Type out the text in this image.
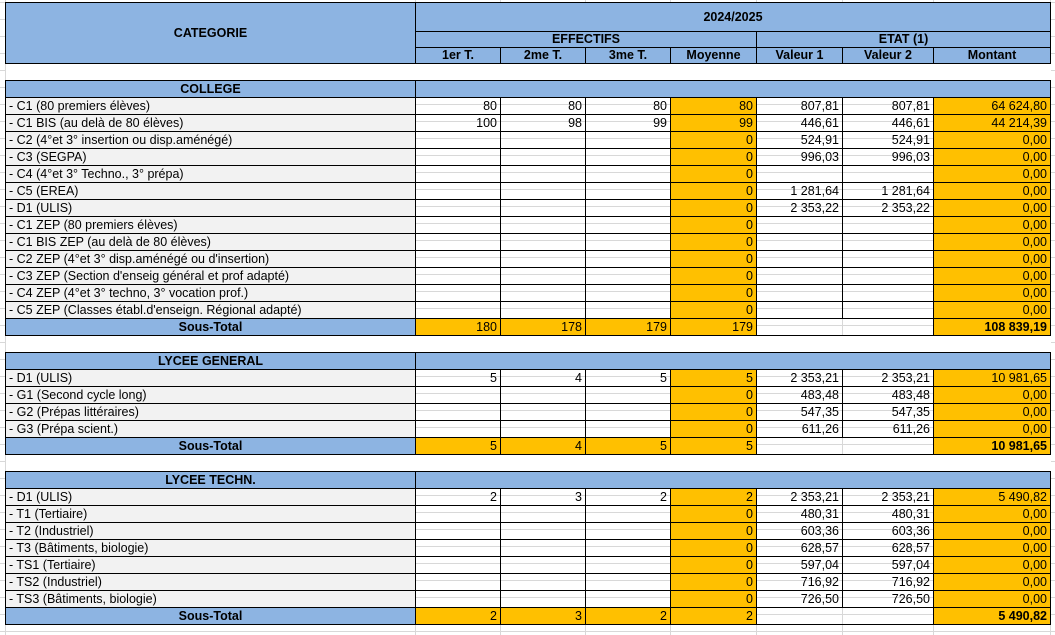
CATEGORIE	2024/2025						
	EFFECTIFS				ETAT (1)		
	1er T.	2me T.	3me T.	Moyenne	Valeur 1	Valeur 2	Montant

COLLEGE							
- C1 (80 premiers élèves)	80	80	80	80	807,81	807,81	64 624,80
- C1 BIS (au delà de 80 élèves)	100	98	99	99	446,61	446,61	44 214,39
- C2 (4°et 3° insertion ou disp.aménégé)				0	524,91	524,91	0,00
- C3 (SEGPA)				0	996,03	996,03	0,00
- C4 (4°et 3° Techno., 3° prépa)				0			0,00
- C5 (EREA)				0	1 281,64	1 281,64	0,00
- D1 (ULIS)				0	2 353,22	2 353,22	0,00
- C1 ZEP (80 premiers élèves)				0			0,00
- C1 BIS ZEP (au delà de 80 élèves)				0			0,00
- C2 ZEP (4°et 3° disp.aménégé ou d'insertion)				0			0,00
- C3 ZEP (Section d'enseig général et prof adapté)				0			0,00
- C4 ZEP (4°et 3° techno, 3° vocation prof.)				0			0,00
- C5 ZEP (Classes établ.d'enseign. Régional adapté)				0			0,00
Sous-Total	180	178	179	179			108 839,19

LYCEE GENERAL							
- D1 (ULIS)	5	4	5	5	2 353,21	2 353,21	10 981,65
- G1 (Second cycle long)				0	483,48	483,48	0,00
- G2 (Prépas littéraires)				0	547,35	547,35	0,00
- G3 (Prépa scient.)				0	611,26	611,26	0,00
Sous-Total	5	4	5	5			10 981,65

LYCEE TECHN.							
- D1 (ULIS)	2	3	2	2	2 353,21	2 353,21	5 490,82
- T1 (Tertiaire)				0	480,31	480,31	0,00
- T2 (Industriel)				0	603,36	603,36	0,00
- T3 (Bâtiments, biologie)				0	628,57	628,57	0,00
- TS1 (Tertiaire)				0	597,04	597,04	0,00
- TS2 (Industriel)				0	716,92	716,92	0,00
- TS3 (Bâtiments, biologie)				0	726,50	726,50	0,00
Sous-Total	2	3	2	2			5 490,82
